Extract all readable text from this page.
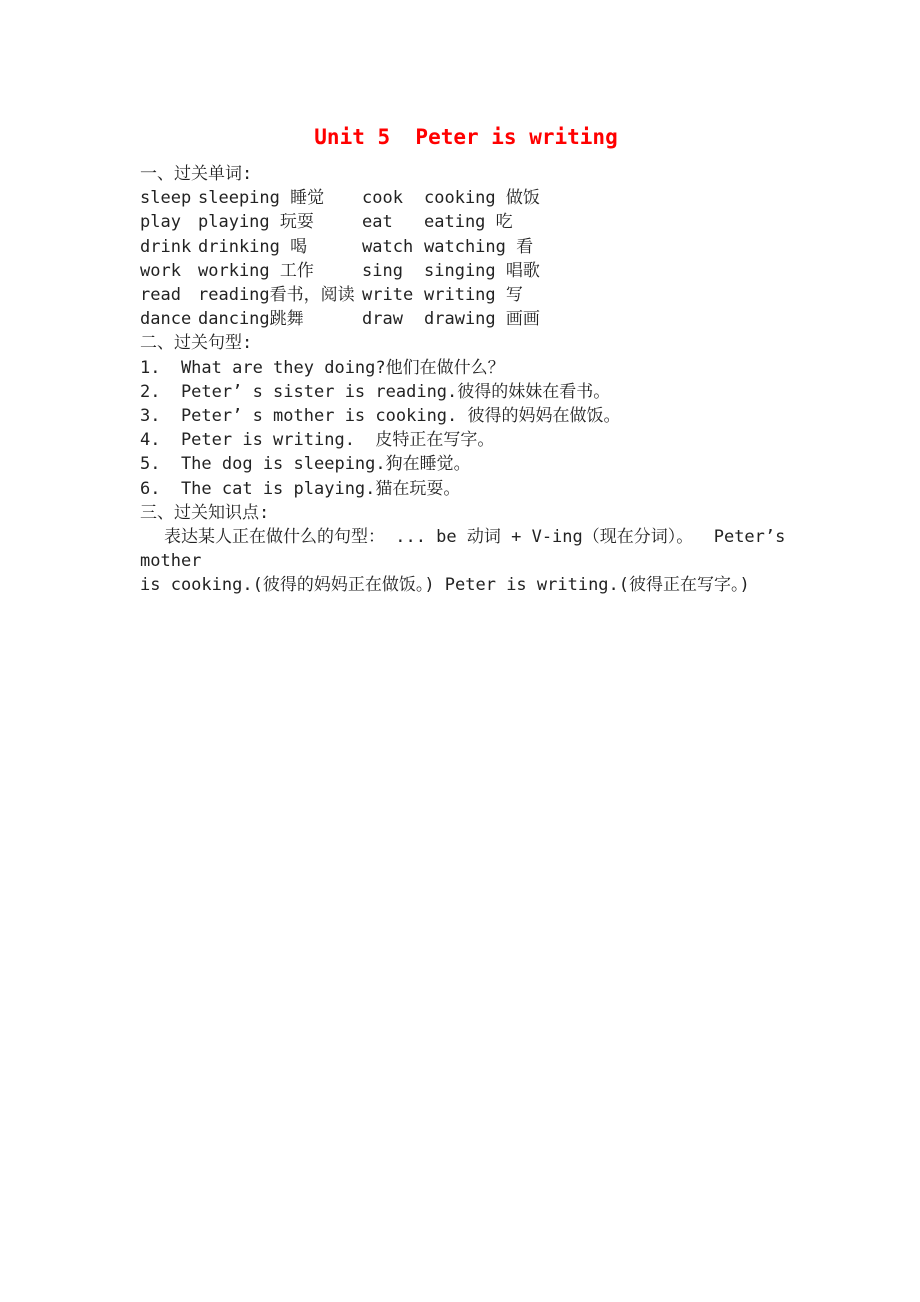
Unit 5  Peter is writing
一、过关单词:
sleep sleeping 睡觉	cook	cooking 做饭
play	playing 玩耍	eat	eating 吃
drink drinking 喝	watch watching 看
work	working 工作	sing	singing 唱歌
read	reading看书，阅读 write writing 写
dance dancing跳舞	draw	drawing 画画
二、过关句型:
1.  What are they doing?他们在做什么？
2.  Peter’ s sister is reading.彼得的妹妹在看书。
3.  Peter’ s mother is cooking. 彼得的妈妈在做饭。
4.  Peter is writing.  皮特正在写字。
5.  The dog is sleeping.狗在睡觉。
6.  The cat is playing.猫在玩耍。
三、过关知识点:
表达某人正在做什么的句型： ... be 动词 + V-ing（现在分词）。  Peter’s mother
is cooking.(彼得的妈妈正在做饭。) Peter is writing.(彼得正在写字。)
